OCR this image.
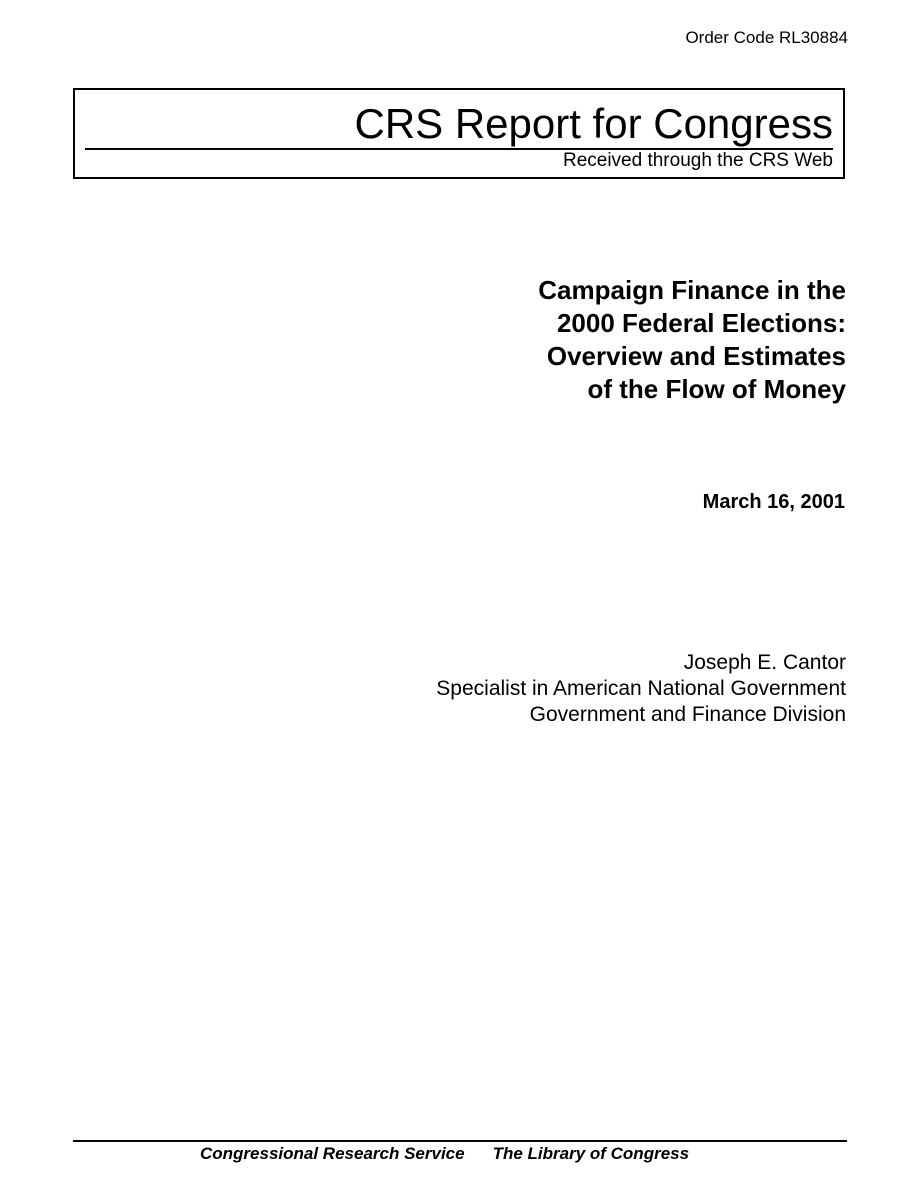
Order Code RL30884
CRS Report for Congress
Received through the CRS Web
Campaign Finance in the
2000 Federal Elections:
Overview and Estimates
of the Flow of Money
March 16, 2001
Joseph E. Cantor
Specialist in American National Government
Government and Finance Division
Congressional Research Service The Library of Congress
